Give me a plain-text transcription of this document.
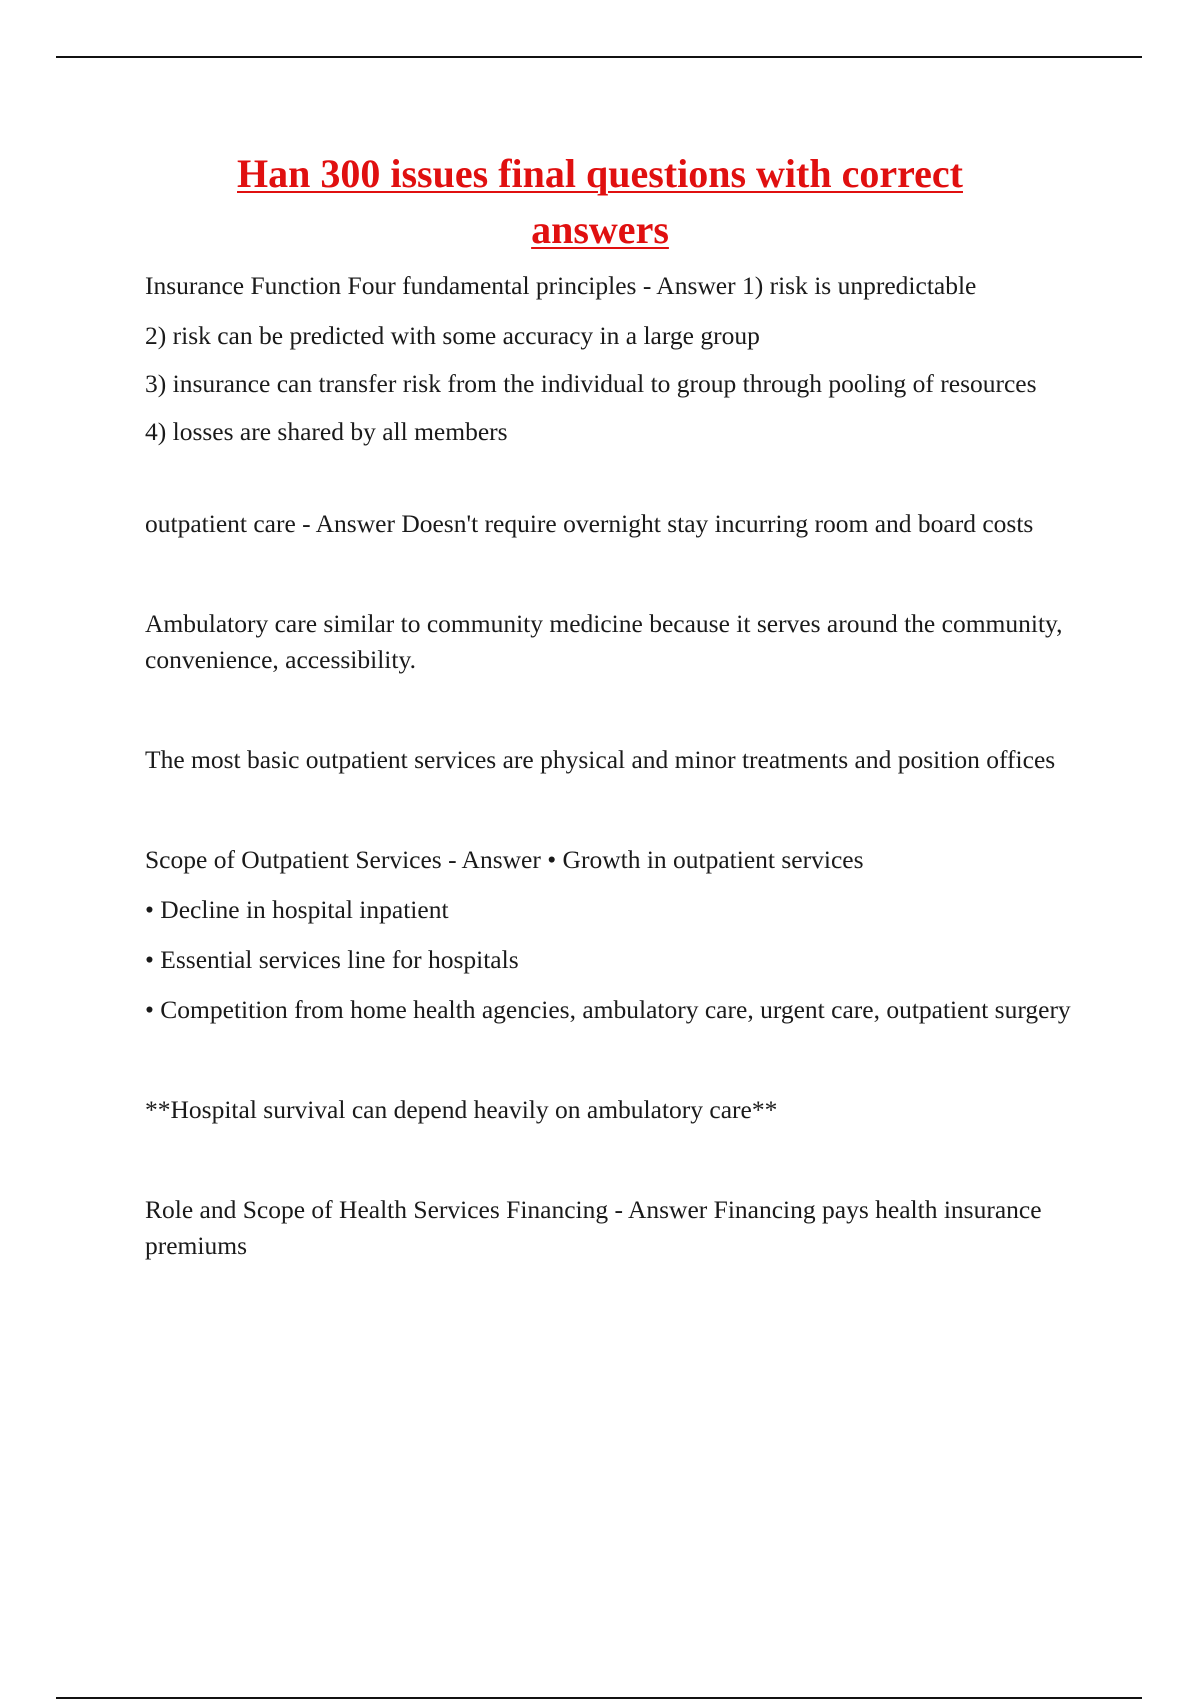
Han 300 issues final questions with correct
answers

Insurance Function Four fundamental principles - Answer 1) risk is unpredictable

2) risk can be predicted with some accuracy in a large group

3) insurance can transfer risk from the individual to group through pooling of resources

4) losses are shared by all members

outpatient care - Answer Doesn't require overnight stay incurring room and board costs

Ambulatory care similar to community medicine because it serves around the community, convenience, accessibility.

The most basic outpatient services are physical and minor treatments and position offices

Scope of Outpatient Services - Answer • Growth in outpatient services

• Decline in hospital inpatient

• Essential services line for hospitals

• Competition from home health agencies, ambulatory care, urgent care, outpatient surgery

**Hospital survival can depend heavily on ambulatory care**

Role and Scope of Health Services Financing - Answer Financing pays health insurance premiums
